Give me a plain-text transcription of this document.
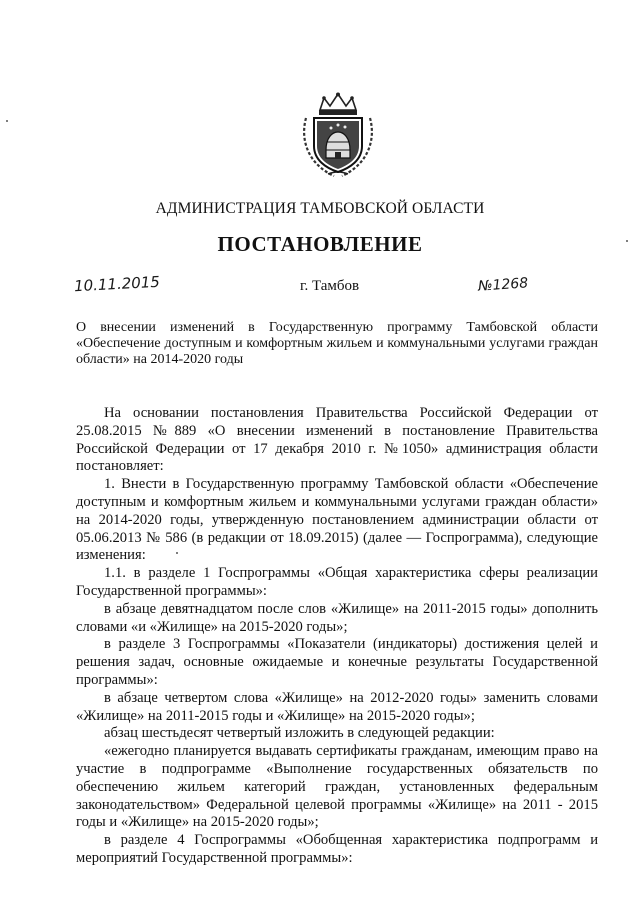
АДМИНИСТРАЦИЯ ТАМБОВСКОЙ ОБЛАСТИ
ПОСТАНОВЛЕНИЕ
10.11.2015	г. Тамбов	№1268
О внесении изменений в Государственную программу Тамбовской области «Обеспечение доступным и комфортным жильем и коммунальными услугами граждан области» на 2014-2020 годы

На основании постановления Правительства Российской Федерации от 25.08.2015 №889 «О внесении изменений в постановление Правительства Российской Федерации от 17 декабря 2010 г. №1050» администрация области постановляет:

1. Внести в Государственную программу Тамбовской области «Обеспечение доступным и комфортным жильем и коммунальными услугами граждан области» на 2014-2020 годы, утвержденную постановлением администрации области от 05.06.2013 № 586 (в редакции от 18.09.2015) (далее — Госпрограмма), следующие изменения:

1.1. в разделе 1 Госпрограммы «Общая характеристика сферы реализации Государственной программы»:

в абзаце девятнадцатом после слов «Жилище» на 2011-2015 годы» дополнить словами «и «Жилище» на 2015-2020 годы»;

в разделе 3 Госпрограммы «Показатели (индикаторы) достижения целей и решения задач, основные ожидаемые и конечные результаты Государственной программы»:

в абзаце четвертом слова «Жилище» на 2012-2020 годы» заменить словами «Жилище» на 2011-2015 годы и «Жилище» на 2015-2020 годы»;

абзац шестьдесят четвертый изложить в следующей редакции:

«ежегодно планируется выдавать сертификаты гражданам, имеющим право на участие в подпрограмме «Выполнение государственных обязательств по обеспечению жильем категорий граждан, установленных федеральным законодательством» Федеральной целевой программы «Жилище» на 2011 - 2015 годы и «Жилище» на 2015-2020 годы»;

в разделе 4 Госпрограммы «Обобщенная характеристика подпрограмм и мероприятий Государственной программы»:
